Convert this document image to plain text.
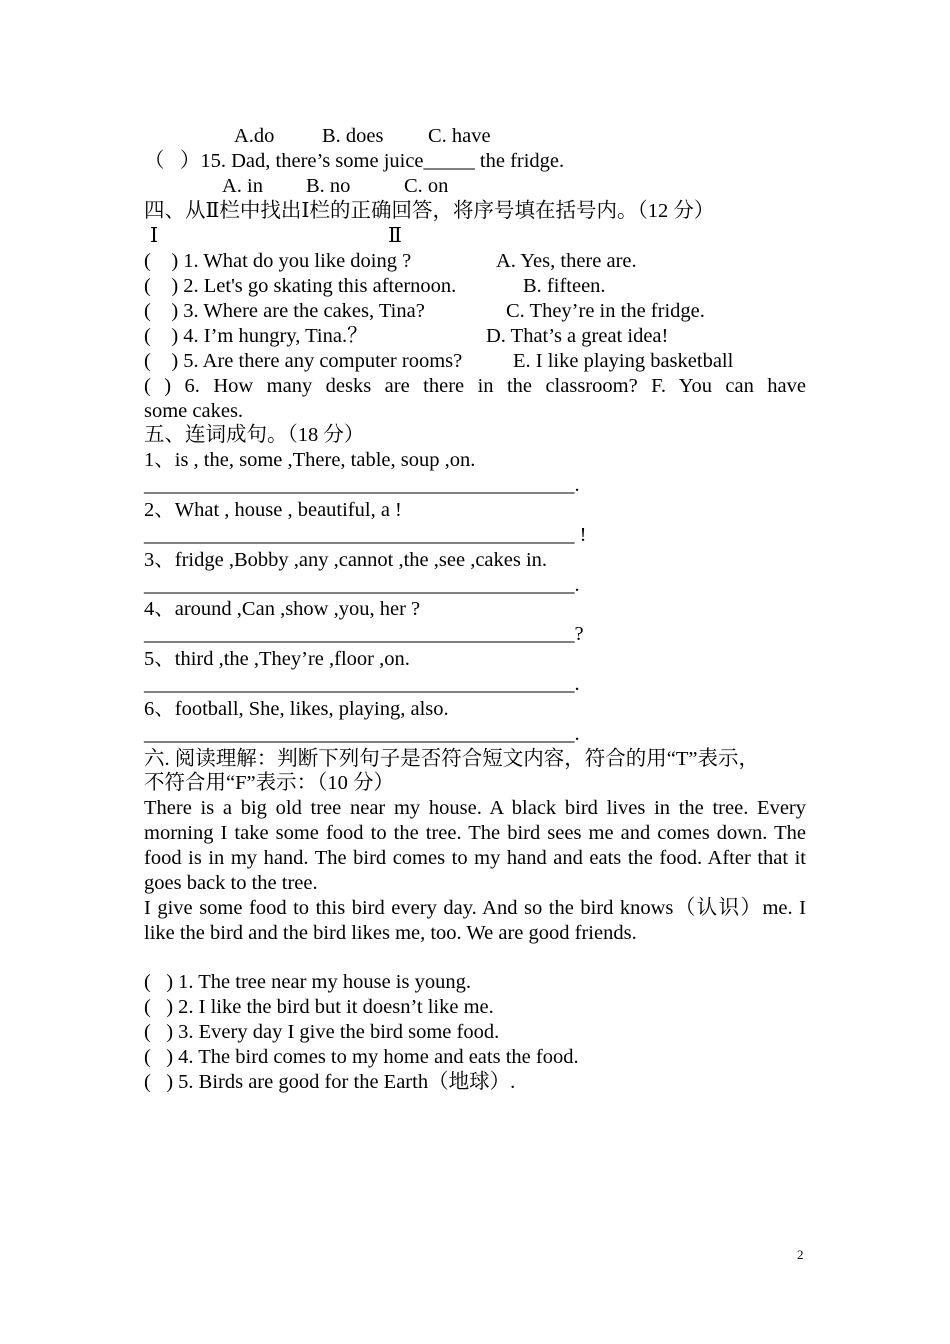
A.do B. does C. have
（   ）15. Dad, there’s some juice_____ the fridge.
A. in B. no	C. on
四、从Ⅱ栏中找出Ⅰ栏的正确回答，将序号填在括号内。（12 分）
Ⅰ	Ⅱ
(    ) 1. What do you like doing ?	A. Yes, there are.
(    ) 2. Let's go skating this afternoon.	B. fifteen.
(    ) 3. Where are the cakes, Tina?	C. They’re in the fridge.
(    ) 4. I’m hungry, Tina.？	D. That’s a great idea!
(    ) 5. Are there any computer rooms? E. I like playing basketball
( ) 6. How many desks are there in the classroom? F. You can have
some cakes.
五、连词成句。（18 分）
1、is , the, some ,There, table, soup ,on.
__________________________________________.
2、What , house , beautiful, a !
__________________________________________ !
3、fridge ,Bobby ,any ,cannot ,the ,see ,cakes in.
__________________________________________.
4、around ,Can ,show ,you, her ?
__________________________________________?
5、third ,the ,They’re ,floor ,on.
__________________________________________.
6、football, She, likes, playing, also.
__________________________________________.
六. 阅读理解：判断下列句子是否符合短文内容，符合的用“T”表示，
不符合用“F”表示：（10 分）
There is a big old tree near my house. A black bird lives in the tree. Every morning I take some food to the tree. The bird sees me and comes down. The food is in my hand. The bird comes to my hand and eats the food. After that it goes back to the tree.
I give some food to this bird every day. And so the bird knows（认识）me. I like the bird and the bird likes me, too. We are good friends.
(   ) 1. The tree near my house is young.
(   ) 2. I like the bird but it doesn’t like me.
(   ) 3. Every day I give the bird some food.
(   ) 4. The bird comes to my home and eats the food.
(   ) 5. Birds are good for the Earth（地球）.
2
